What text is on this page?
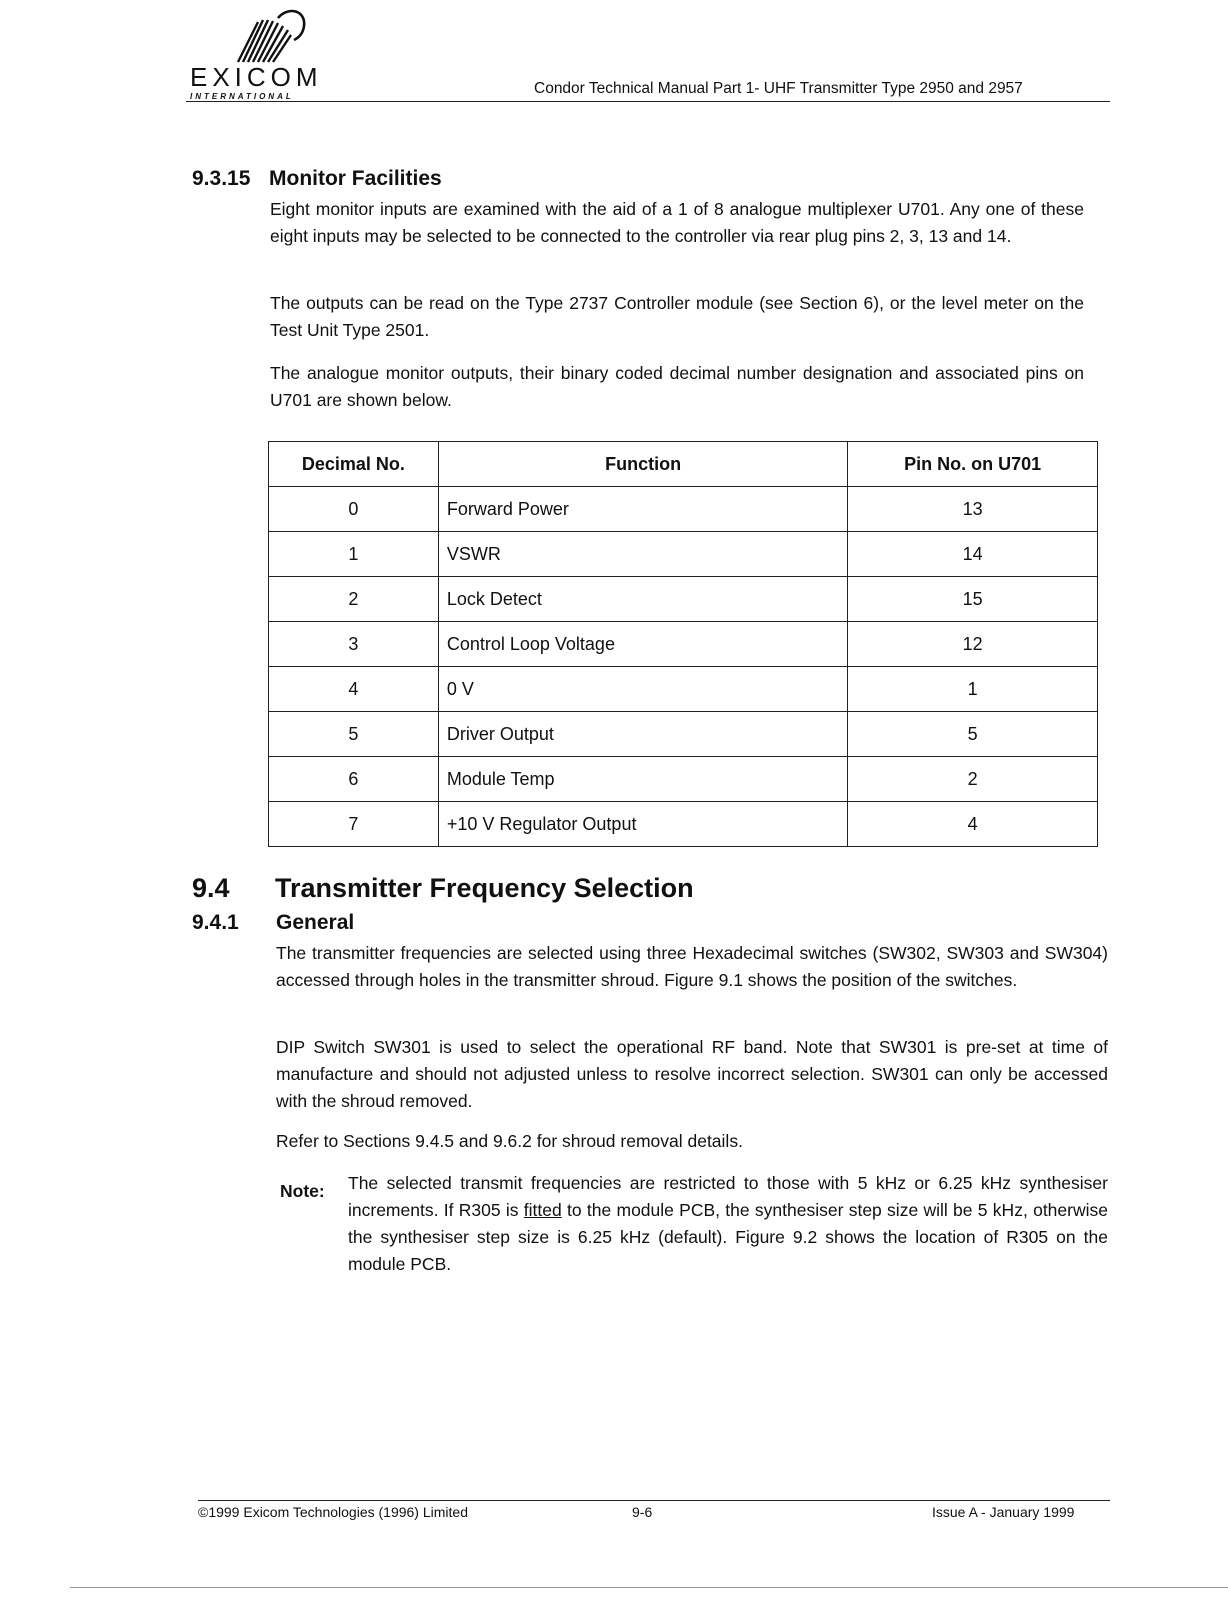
EXICOM
INTERNATIONAL	Condor Technical Manual Part 1- UHF Transmitter Type 2950 and 2957
9.3.15 Monitor Facilities
Eight monitor inputs are examined with the aid of a 1 of 8 analogue multiplexer U701. Any one of these eight inputs may be selected to be connected to the controller via rear plug pins 2, 3, 13 and 14.
The outputs can be read on the Type 2737 Controller module (see Section 6), or the level meter on the Test Unit Type 2501.
The analogue monitor outputs, their binary coded decimal number designation and associated pins on U701 are shown below.
Decimal No.	Function	Pin No. on U701
0	Forward Power	13
1	VSWR	14
2	Lock Detect	15
3	Control Loop Voltage	12
4	0 V	1
5	Driver Output	5
6	Module Temp	2
7	+10 V Regulator Output	4
9.4 Transmitter Frequency Selection
9.4.1 General
The transmitter frequencies are selected using three Hexadecimal switches (SW302, SW303 and SW304) accessed through holes in the transmitter shroud. Figure 9.1 shows the position of the switches.
DIP Switch SW301 is used to select the operational RF band. Note that SW301 is pre-set at time of manufacture and should not adjusted unless to resolve incorrect selection. SW301 can only be accessed with the shroud removed.
Refer to Sections 9.4.5 and 9.6.2 for shroud removal details.
Note: The selected transmit frequencies are restricted to those with 5 kHz or 6.25 kHz synthesiser increments. If R305 is fitted to the module PCB, the synthesiser step size will be 5 kHz, otherwise the synthesiser step size is 6.25 kHz (default). Figure 9.2 shows the location of R305 on the module PCB.
©1999 Exicom Technologies (1996) Limited	9-6	Issue A - January 1999
